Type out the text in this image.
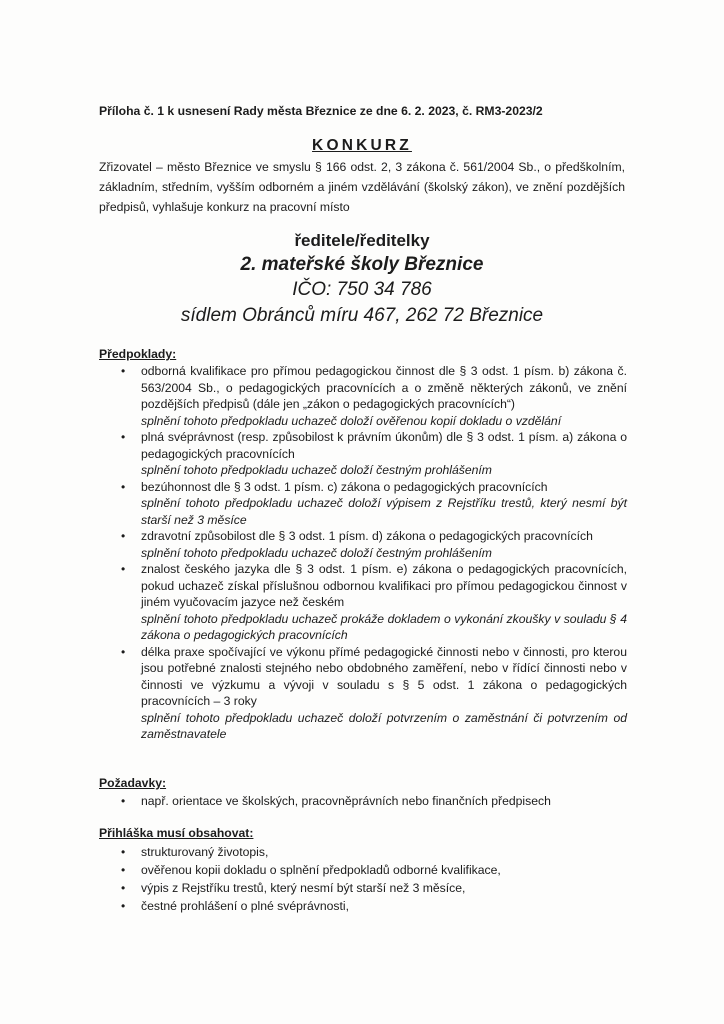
Příloha č. 1 k usnesení Rady města Březnice ze dne 6. 2. 2023, č. RM3-2023/2
KONKURZ
Zřizovatel – město Březnice ve smyslu § 166 odst. 2, 3 zákona č. 561/2004 Sb., o předškolním, základním, středním, vyšším odborném a jiném vzdělávání (školský zákon), ve znění pozdějších předpisů, vyhlašuje konkurz na pracovní místo
ředitele/ředitelky
2. mateřské školy Březnice
IČO: 750 34 786
sídlem Obránců míru 467, 262 72 Březnice
Předpoklady:
• odborná kvalifikace pro přímou pedagogickou činnost dle § 3 odst. 1 písm. b) zákona č. 563/2004 Sb., o pedagogických pracovnících a o změně některých zákonů, ve znění pozdějších předpisů (dále jen „zákon o pedagogických pracovnících“)
splnění tohoto předpokladu uchazeč doloží ověřenou kopií dokladu o vzdělání
• plná svéprávnost (resp. způsobilost k právním úkonům) dle § 3 odst. 1 písm. a) zákona o pedagogických pracovnících
splnění tohoto předpokladu uchazeč doloží čestným prohlášením
• bezúhonnost dle § 3 odst. 1 písm. c) zákona o pedagogických pracovnících
splnění tohoto předpokladu uchazeč doloží výpisem z Rejstříku trestů, který nesmí být starší než 3 měsíce
• zdravotní způsobilost dle § 3 odst. 1 písm. d) zákona o pedagogických pracovnících
splnění tohoto předpokladu uchazeč doloží čestným prohlášením
• znalost českého jazyka dle § 3 odst. 1 písm. e) zákona o pedagogických pracovnících, pokud uchazeč získal příslušnou odbornou kvalifikaci pro přímou pedagogickou činnost v jiném vyučovacím jazyce než českém
splnění tohoto předpokladu uchazeč prokáže dokladem o vykonání zkoušky v souladu § 4 zákona o pedagogických pracovnících
• délka praxe spočívající ve výkonu přímé pedagogické činnosti nebo v činnosti, pro kterou jsou potřebné znalosti stejného nebo obdobného zaměření, nebo v řídící činnosti nebo v činnosti ve výzkumu a vývoji v souladu s § 5 odst. 1 zákona o pedagogických pracovnících – 3 roky
splnění tohoto předpokladu uchazeč doloží potvrzením o zaměstnání či potvrzením od zaměstnavatele
Požadavky:
• např. orientace ve školských, pracovněprávních nebo finančních předpisech
Přihláška musí obsahovat:
• strukturovaný životopis,
• ověřenou kopii dokladu o splnění předpokladů odborné kvalifikace,
• výpis z Rejstříku trestů, který nesmí být starší než 3 měsíce,
• čestné prohlášení o plné svéprávnosti,
